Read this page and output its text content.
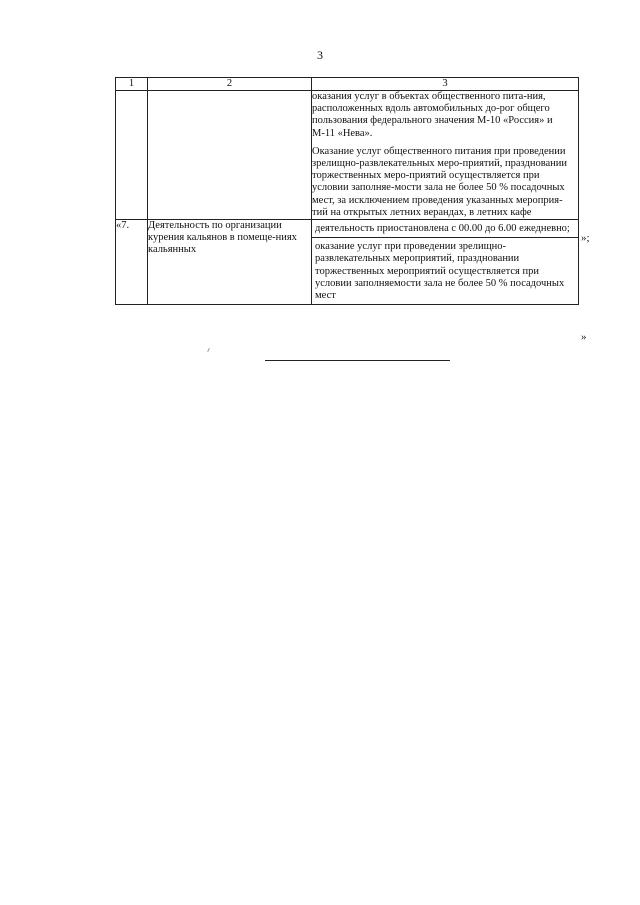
3
1	2	3

		оказания услуг в объектах общественного пита-ния, расположенных вдоль автомобильных до-рог общего пользования федерального значения М-10 «Россия» и М-11 «Нева».

Оказание услуг общественного питания при проведении зрелищно-развлекательных меро-приятий, праздновании торжественных меро-приятий осуществляется при условии заполняе-мости зала не более 50 % посадочных мест, за исключением проведения указанных мероприя-тий на открытых летних верандах, в летних кафе

«7.	Деятельность по организации курения кальянов в помеще-ниях кальянных	деятельность приостановлена с 00.00 до 6.00 ежедневно;
оказание услуг при проведении зрелищно-развлекательных мероприятий, праздновании торжественных мероприятий осуществляется при условии заполняемости зала не более 50 % посадочных мест
»;
»
